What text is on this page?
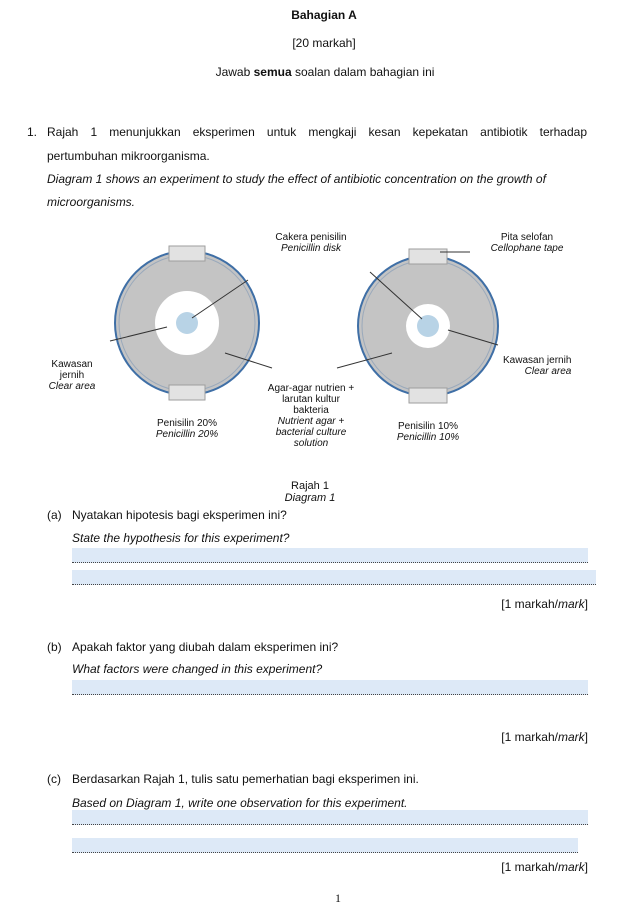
Bahagian A
[20 markah]
Jawab semua soalan dalam bahagian ini
1. Rajah 1 menunjukkan eksperimen untuk mengkaji kesan kepekatan antibiotik terhadap
pertumbuhan mikroorganisma.
Diagram 1 shows an experiment to study the effect of antibiotic concentration on the growth of
microorganisms.
Cakera penisilin
Penicillin disk
Pita selofan
Cellophane tape
Kawasan
jernih
Clear area
Kawasan jernih
Clear area
Agar-agar nutrien +
larutan kultur
bakteria
Nutrient agar +
bacterial culture
solution
Penisilin 20%
Penicillin 20%
Penisilin 10%
Penicillin 10%
Rajah 1
Diagram 1
(a) Nyatakan hipotesis bagi eksperimen ini?
State the hypothesis for this experiment?
[1 markah/mark]
(b) Apakah faktor yang diubah dalam eksperimen ini?
What factors were changed in this experiment?
[1 markah/mark]
(c) Berdasarkan Rajah 1, tulis satu pemerhatian bagi eksperimen ini.
Based on Diagram 1, write one observation for this experiment.
[1 markah/mark]
1
